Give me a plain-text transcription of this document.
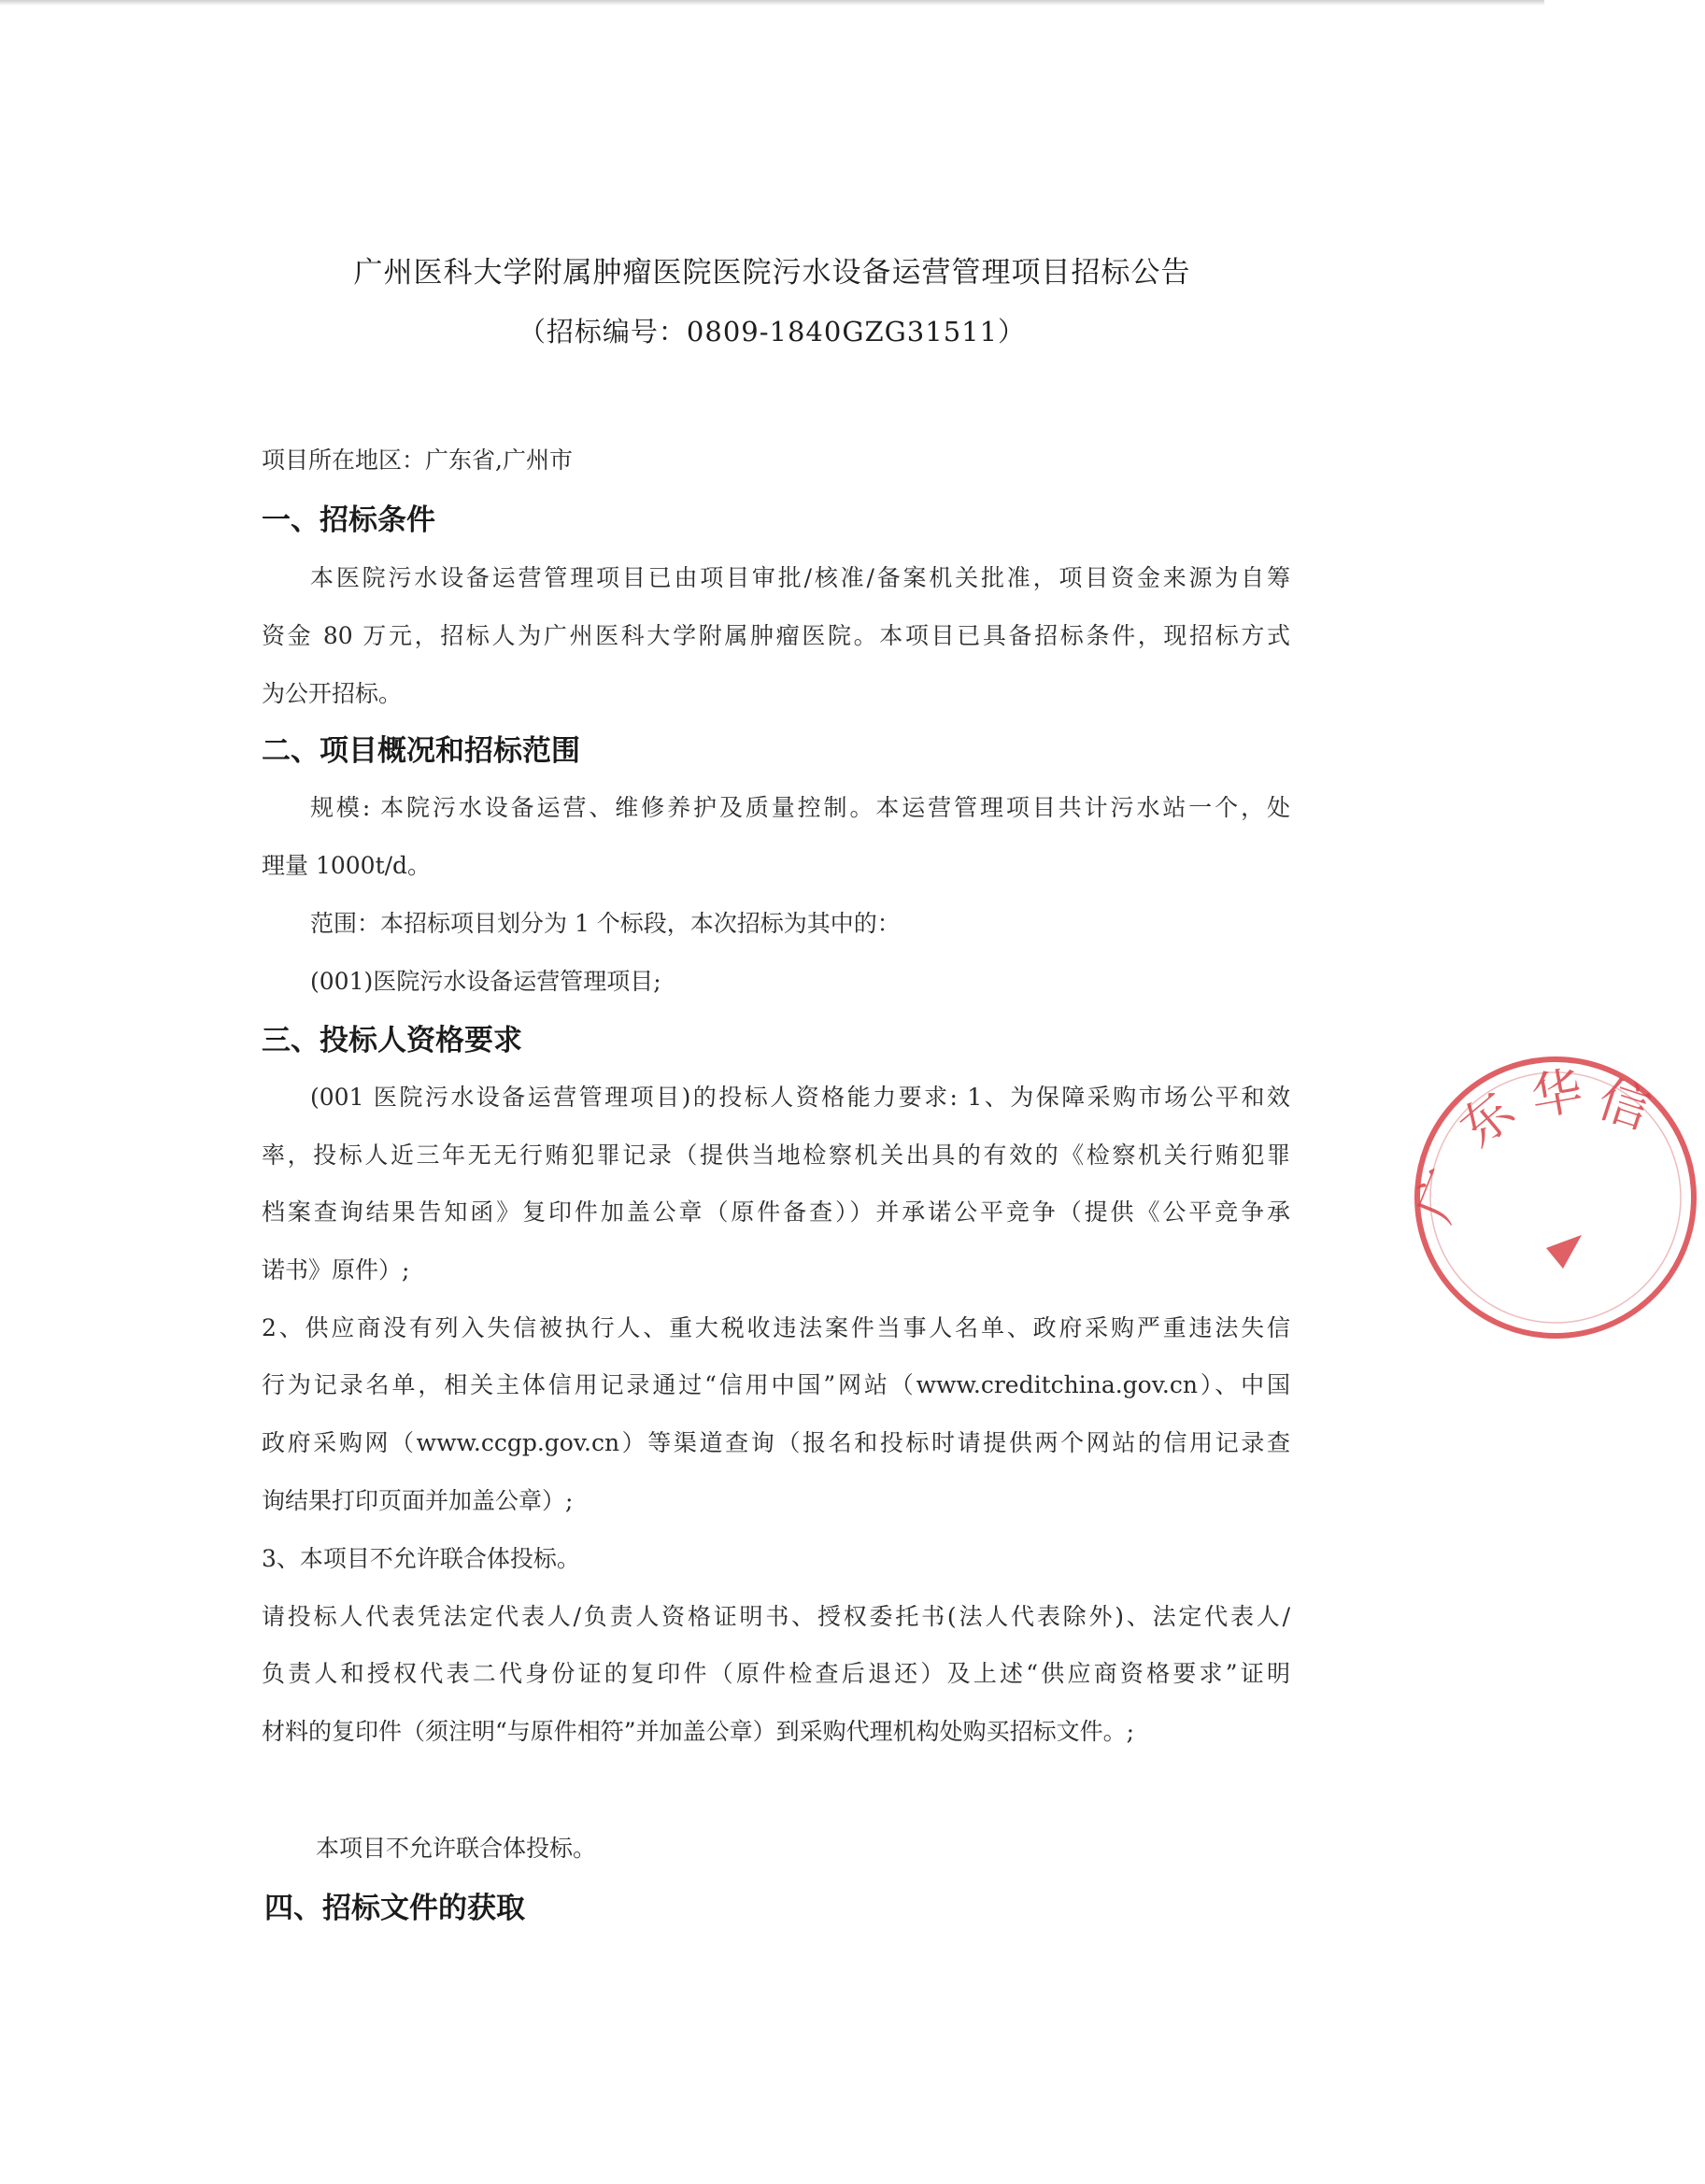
广州医科大学附属肿瘤医院医院污水设备运营管理项目招标公告
（招标编号：0809-1840GZG31511）
项目所在地区：广东省,广州市
一、招标条件
本医院污水设备运营管理项目已由项目审批/核准/备案机关批准，项目资金来源为自筹
资金 80 万元，招标人为广州医科大学附属肿瘤医院。本项目已具备招标条件，现招标方式
为公开招标。
二、项目概况和招标范围
规模: 本院污水设备运营、维修养护及质量控制。本运营管理项目共计污水站一个，处
理量 1000t/d。
范围：本招标项目划分为 1 个标段，本次招标为其中的：
(001)医院污水设备运营管理项目;
三、投标人资格要求
(001 医院污水设备运营管理项目)的投标人资格能力要求: 1、为保障采购市场公平和效
率，投标人近三年无无行贿犯罪记录（提供当地检察机关出具的有效的《检察机关行贿犯罪
档案查询结果告知函》复印件加盖公章（原件备查））并承诺公平竞争（提供《公平竞争承
诺书》原件）;
2、供应商没有列入失信被执行人、重大税收违法案件当事人名单、政府采购严重违法失信
行为记录名单，相关主体信用记录通过“信用中国”网站（www.creditchina.gov.cn）、中国
政府采购网（www.ccgp.gov.cn）等渠道查询（报名和投标时请提供两个网站的信用记录查
询结果打印页面并加盖公章）;
3、本项目不允许联合体投标。
请投标人代表凭法定代表人/负责人资格证明书、授权委托书(法人代表除外)、法定代表人/
负责人和授权代表二代身份证的复印件（原件检查后退还）及上述“供应商资格要求”证明
材料的复印件（须注明“与原件相符”并加盖公章）到采购代理机构处购买招标文件。;
本项目不允许联合体投标。
四、招标文件的获取
广
东 华 信
